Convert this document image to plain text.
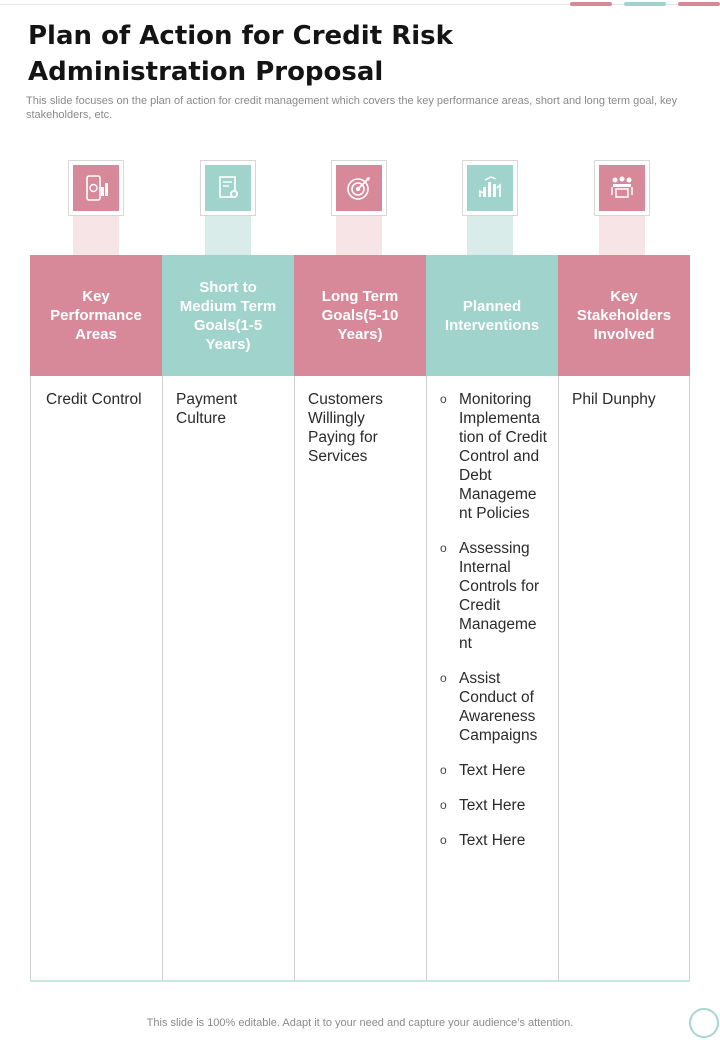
Plan of Action for Credit Risk Administration Proposal

This slide focuses on the plan of action for credit management which covers the key performance areas, short and long term goal, key stakeholders, etc.

Key Performance Areas
Short to Medium Term Goals(1-5 Years)
Long Term Goals(5-10 Years)
Planned Interventions
Key Stakeholders Involved
Credit Control	Payment Culture
Customers Willingly Paying for Services
Phil Dunphy
o Monitoring Implementa tion of Credit Control and Debt Manageme nt Policies
o Assessing Internal Controls for Credit Manageme nt
o Assist Conduct of Awareness Campaigns
o Text Here
o Text Here
o Text Here
This slide is 100% editable. Adapt it to your need and capture your audience’s attention.
